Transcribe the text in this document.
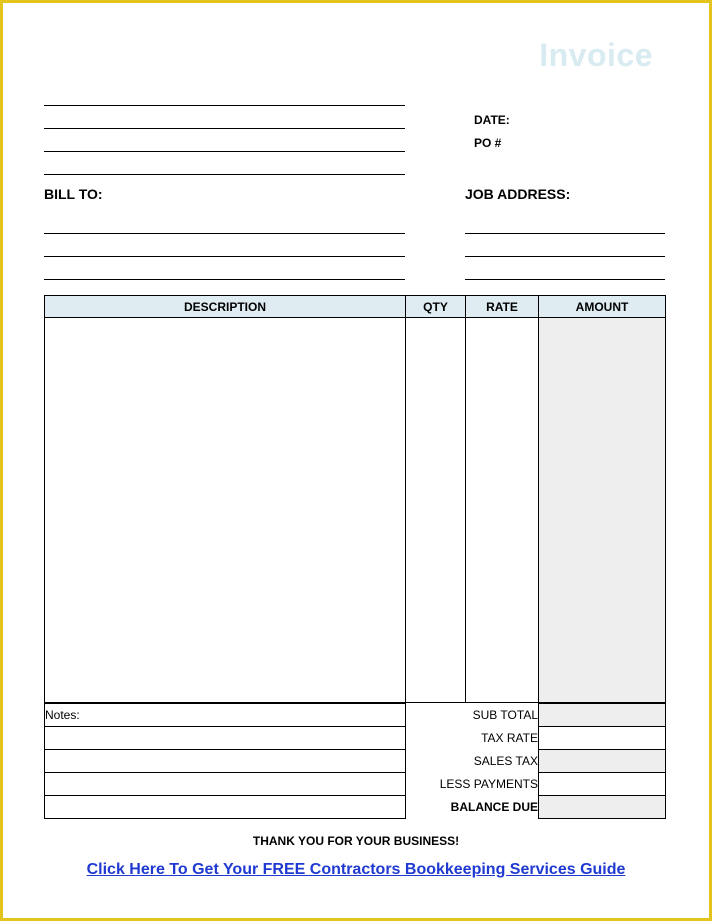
Invoice
DATE:
PO #
BILL TO:	JOB ADDRESS:
DESCRIPTION	QTY	RATE	AMOUNT

Notes:	SUB TOTAL	
	TAX RATE	
	SALES TAX	
	LESS PAYMENTS	
	BALANCE DUE	
THANK YOU FOR YOUR BUSINESS!
Click Here To Get Your FREE Contractors Bookkeeping Services Guide
